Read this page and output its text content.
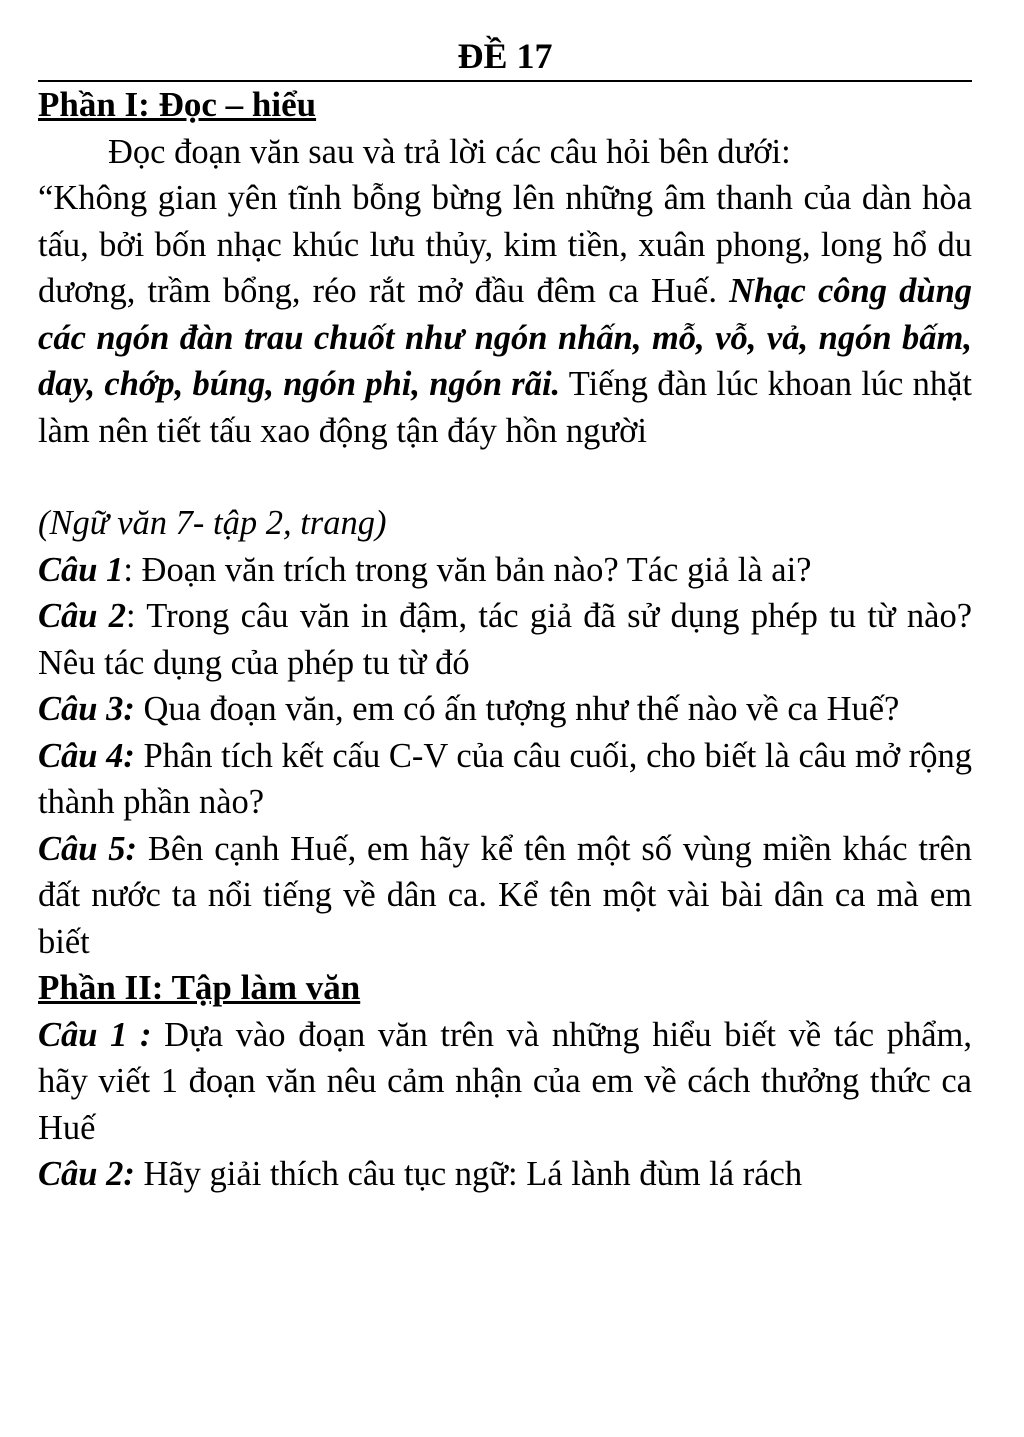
ĐỀ 17

Phần I: Đọc – hiểu

Đọc đoạn văn sau và trả lời các câu hỏi bên dưới:

“Không gian yên tĩnh bỗng bừng lên những âm thanh của dàn hòa tấu, bởi bốn nhạc khúc lưu thủy, kim tiền, xuân phong, long hổ du dương, trầm bổng, réo rắt mở đầu đêm ca Huế. Nhạc công dùng các ngón đàn trau chuốt như ngón nhấn, mỗ, vỗ, vả, ngón bấm, day, chớp, búng, ngón phi, ngón rãi. Tiếng đàn lúc khoan lúc nhặt làm nên tiết tấu xao động tận đáy hồn người

(Ngữ văn 7- tập 2, trang)

Câu 1: Đoạn văn trích trong văn bản nào? Tác giả là ai?

Câu 2: Trong câu văn in đậm, tác giả đã sử dụng phép tu từ nào? Nêu tác dụng của phép tu từ đó

Câu 3: Qua đoạn văn, em có ấn tượng như thế nào về ca Huế?

Câu 4: Phân tích kết cấu C-V của câu cuối, cho biết là câu mở rộng thành phần nào?

Câu 5: Bên cạnh Huế, em hãy kể tên một số vùng miền khác trên đất nước ta nổi tiếng về dân ca. Kể tên một vài bài dân ca mà em biết

Phần II: Tập làm văn

Câu 1 : Dựa vào đoạn văn trên và những hiểu biết về tác phẩm, hãy viết 1 đoạn văn nêu cảm nhận của em về cách thưởng thức ca Huế

Câu 2: Hãy giải thích câu tục ngữ: Lá lành đùm lá rách
